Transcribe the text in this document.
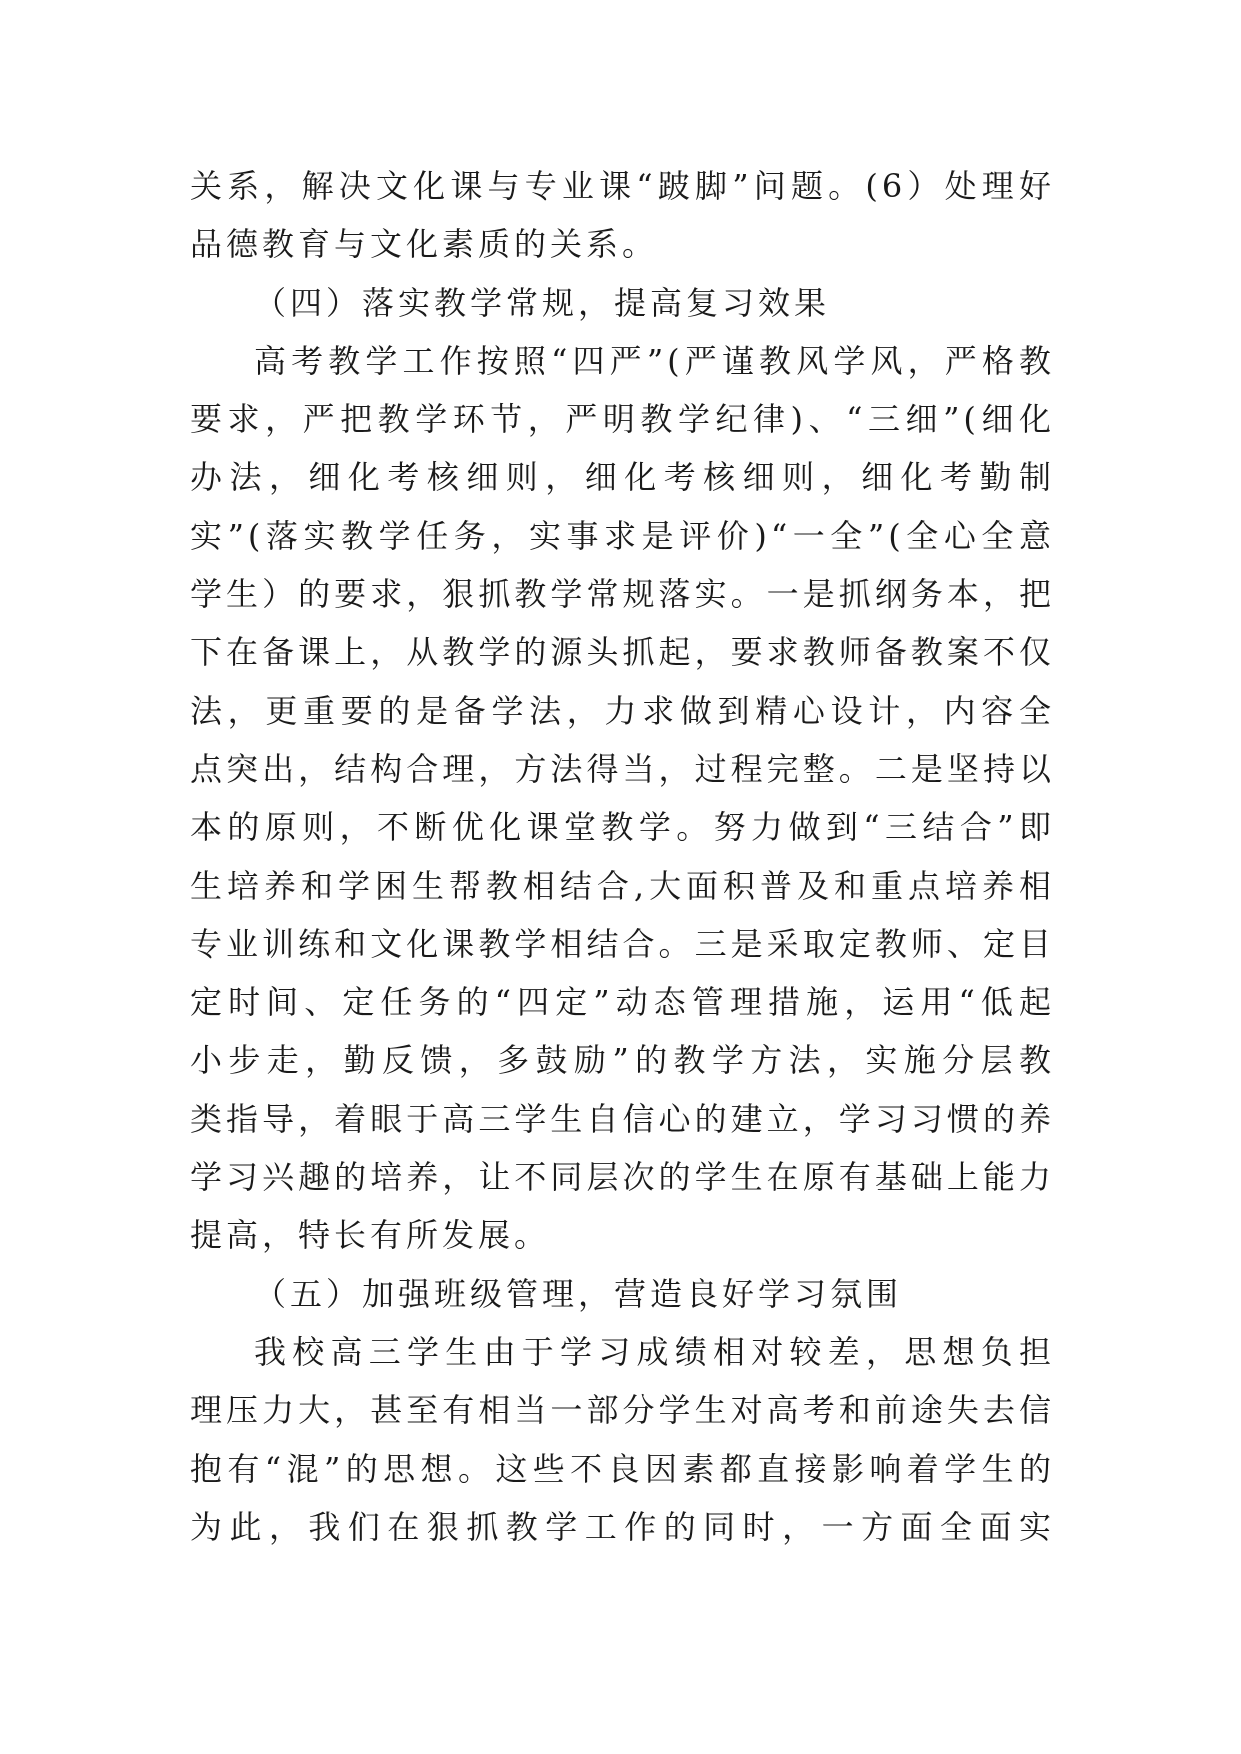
关系，解决文化课与专业课“跛脚”问题。(6）处理好
品德教育与文化素质的关系。
（四）落实教学常规，提高复习效果
高考教学工作按照“四严”(严谨教风学风，严格教
要求，严把教学环节，严明教学纪律)、“三细”(细化
办法，细化考核细则，细化考核细则，细化考勤制
实”(落实教学任务，实事求是评价)“一全”(全心全意
学生）的要求，狠抓教学常规落实。一是抓纲务本，把
下在备课上，从教学的源头抓起，要求教师备教案不仅
法，更重要的是备学法，力求做到精心设计，内容全
点突出，结构合理，方法得当，过程完整。二是坚持以
本的原则，不断优化课堂教学。努力做到“三结合”即
生培养和学困生帮教相结合,大面积普及和重点培养相
专业训练和文化课教学相结合。三是采取定教师、定目
定时间、定任务的“四定”动态管理措施，运用“低起
小步走，勤反馈，多鼓励”的教学方法，实施分层教
类指导，着眼于高三学生自信心的建立，学习习惯的养
学习兴趣的培养，让不同层次的学生在原有基础上能力
提高，特长有所发展。
（五）加强班级管理，营造良好学习氛围
我校高三学生由于学习成绩相对较差，思想负担
理压力大，甚至有相当一部分学生对高考和前途失去信
抱有“混”的思想。这些不良因素都直接影响着学生的
为此，我们在狠抓教学工作的同时，一方面全面实
